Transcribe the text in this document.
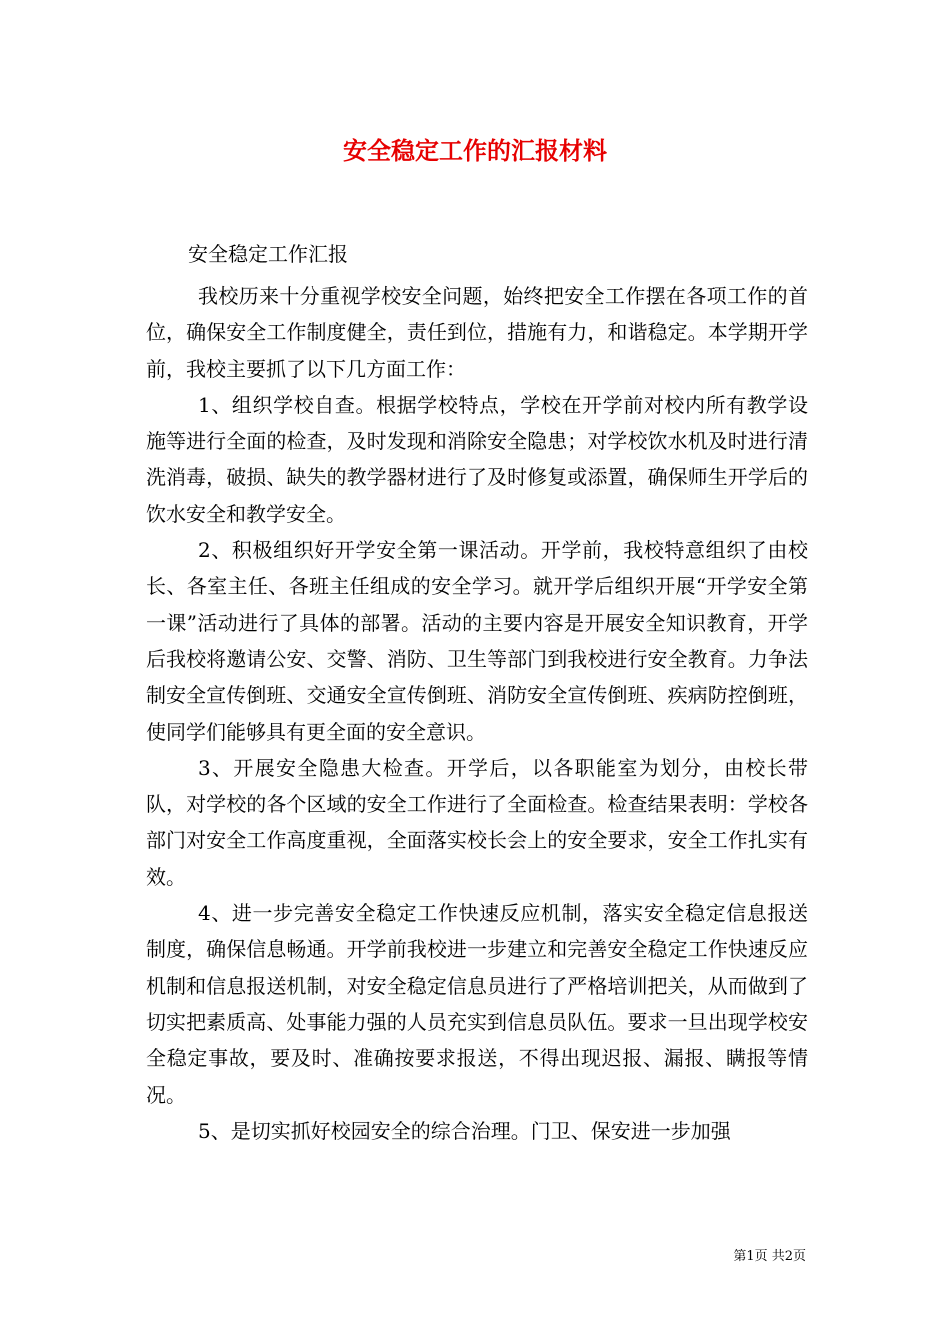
安全稳定工作的汇报材料

安全稳定工作汇报

我校历来十分重视学校安全问题，始终把安全工作摆在各项工作的首位，确保安全工作制度健全，责任到位，措施有力，和谐稳定。本学期开学前，我校主要抓了以下几方面工作：

1、组织学校自查。根据学校特点，学校在开学前对校内所有教学设施等进行全面的检查，及时发现和消除安全隐患；对学校饮水机及时进行清洗消毒，破损、缺失的教学器材进行了及时修复或添置，确保师生开学后的饮水安全和教学安全。

2、积极组织好开学安全第一课活动。开学前，我校特意组织了由校长、各室主任、各班主任组成的安全学习。就开学后组织开展“开学安全第一课”活动进行了具体的部署。活动的主要内容是开展安全知识教育，开学后我校将邀请公安、交警、消防、卫生等部门到我校进行安全教育。力争法制安全宣传倒班、交通安全宣传倒班、消防安全宣传倒班、疾病防控倒班，使同学们能够具有更全面的安全意识。

3、开展安全隐患大检查。开学后，以各职能室为划分，由校长带队，对学校的各个区域的安全工作进行了全面检查。检查结果表明：学校各部门对安全工作高度重视，全面落实校长会上的安全要求，安全工作扎实有效。

4、进一步完善安全稳定工作快速反应机制，落实安全稳定信息报送制度，确保信息畅通。开学前我校进一步建立和完善安全稳定工作快速反应机制和信息报送机制，对安全稳定信息员进行了严格培训把关，从而做到了切实把素质高、处事能力强的人员充实到信息员队伍。要求一旦出现学校安全稳定事故，要及时、准确按要求报送，不得出现迟报、漏报、瞒报等情况。

5、是切实抓好校园安全的综合治理。门卫、保安进一步加强

第1页 共2页
